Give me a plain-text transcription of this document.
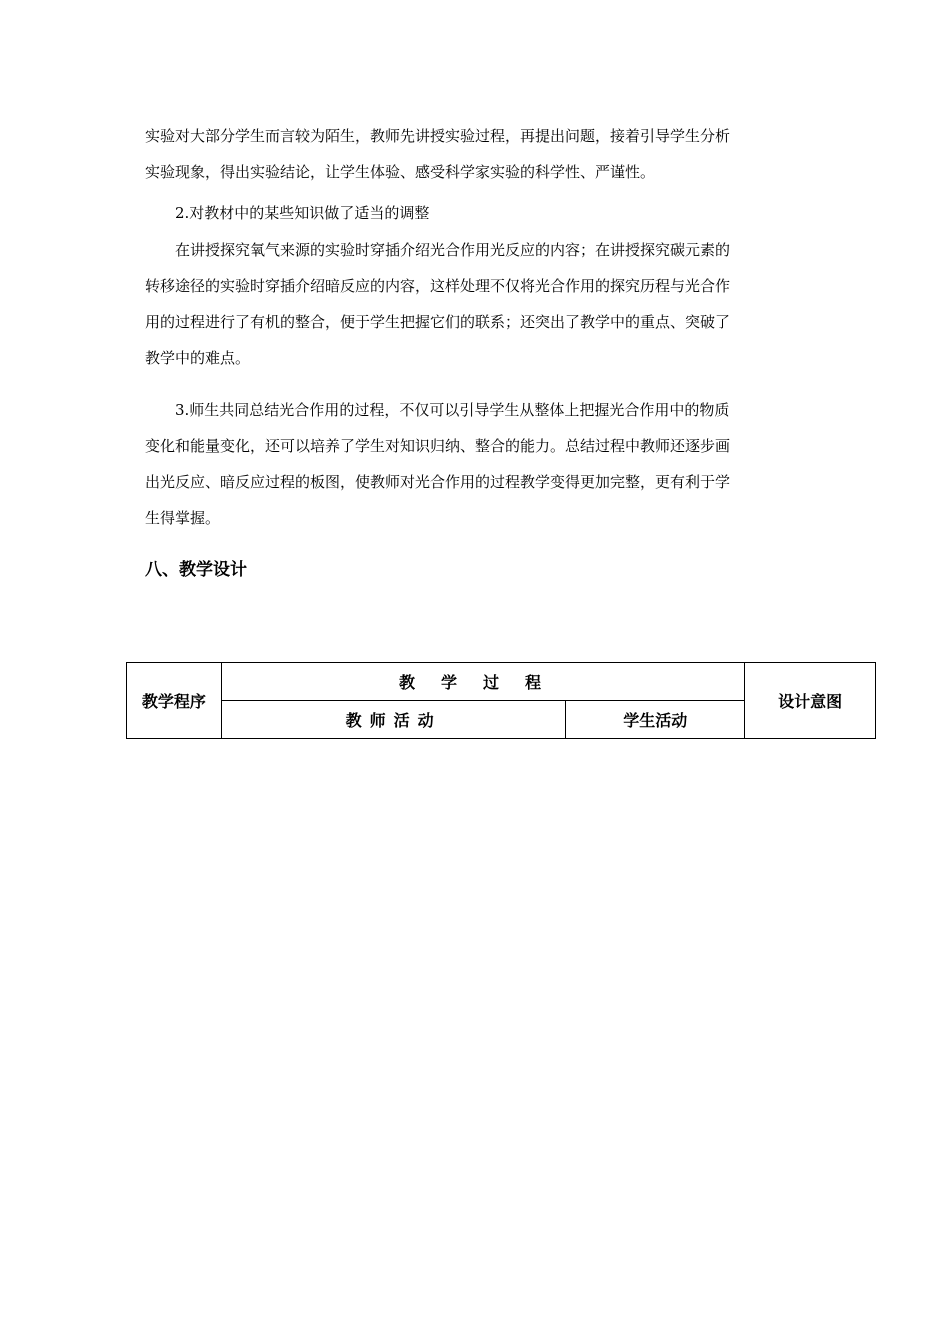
实验对大部分学生而言较为陌生，教师先讲授实验过程，再提出问题，接着引导学生分析
实验现象，得出实验结论，让学生体验、感受科学家实验的科学性、严谨性。

2.对教材中的某些知识做了适当的调整

在讲授探究氧气来源的实验时穿插介绍光合作用光反应的内容；在讲授探究碳元素的
转移途径的实验时穿插介绍暗反应的内容，这样处理不仅将光合作用的探究历程与光合作
用的过程进行了有机的整合，便于学生把握它们的联系；还突出了教学中的重点、突破了
教学中的难点。
3.师生共同总结光合作用的过程，不仅可以引导学生从整体上把握光合作用中的物质
变化和能量变化，还可以培养了学生对知识归纳、整合的能力。总结过程中教师还逐步画
出光反应、暗反应过程的板图，使教师对光合作用的过程教学变得更加完整，更有利于学
生得掌握。
八、教学设计
教学程序	教学过程		设计意图
	教师活动	学生活动	
